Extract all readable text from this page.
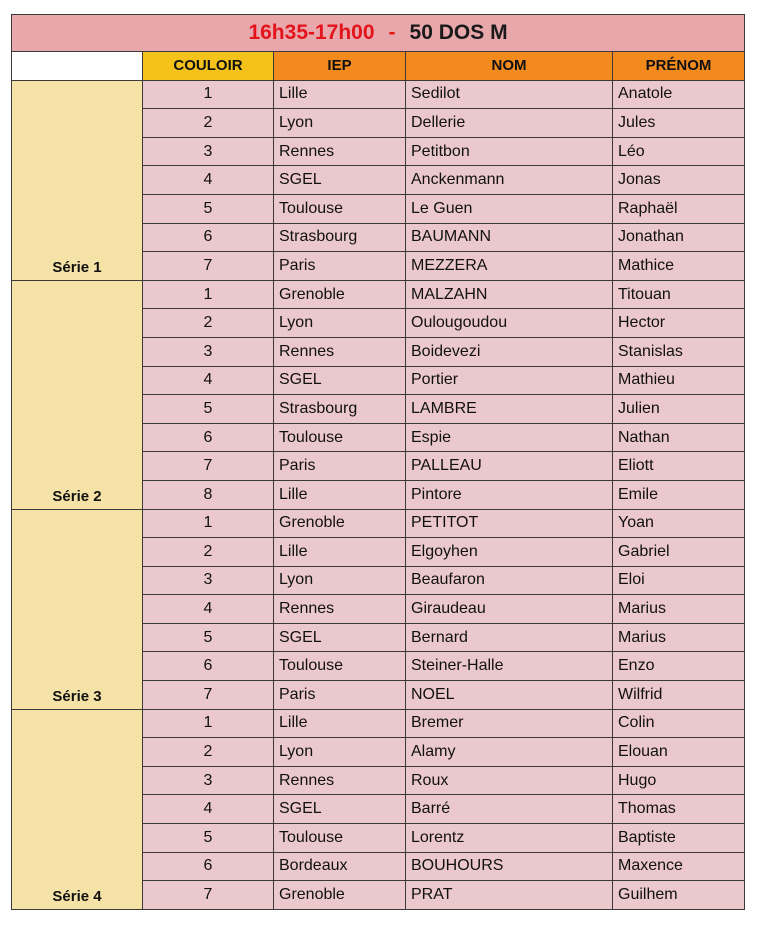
16h35-17h00 - 50 DOS M				
	COULOIR	IEP	NOM	PRÉNOM
Série 1	1	Lille	Sedilot	Anatole
	2	Lyon	Dellerie	Jules
	3	Rennes	Petitbon	Léo
	4	SGEL	Anckenmann	Jonas
	5	Toulouse	Le Guen	Raphaël
	6	Strasbourg	BAUMANN	Jonathan
	7	Paris	MEZZERA	Mathice
Série 2	1	Grenoble	MALZAHN	Titouan
	2	Lyon	Oulougoudou	Hector
	3	Rennes	Boidevezi	Stanislas
	4	SGEL	Portier	Mathieu
	5	Strasbourg	LAMBRE	Julien
	6	Toulouse	Espie	Nathan
	7	Paris	PALLEAU	Eliott
	8	Lille	Pintore	Emile
Série 3	1	Grenoble	PETITOT	Yoan
	2	Lille	Elgoyhen	Gabriel
	3	Lyon	Beaufaron	Eloi
	4	Rennes	Giraudeau	Marius
	5	SGEL	Bernard	Marius
	6	Toulouse	Steiner-Halle	Enzo
	7	Paris	NOEL	Wilfrid
Série 4	1	Lille	Bremer	Colin
	2	Lyon	Alamy	Elouan
	3	Rennes	Roux	Hugo
	4	SGEL	Barré	Thomas
	5	Toulouse	Lorentz	Baptiste
	6	Bordeaux	BOUHOURS	Maxence
	7	Grenoble	PRAT	Guilhem
